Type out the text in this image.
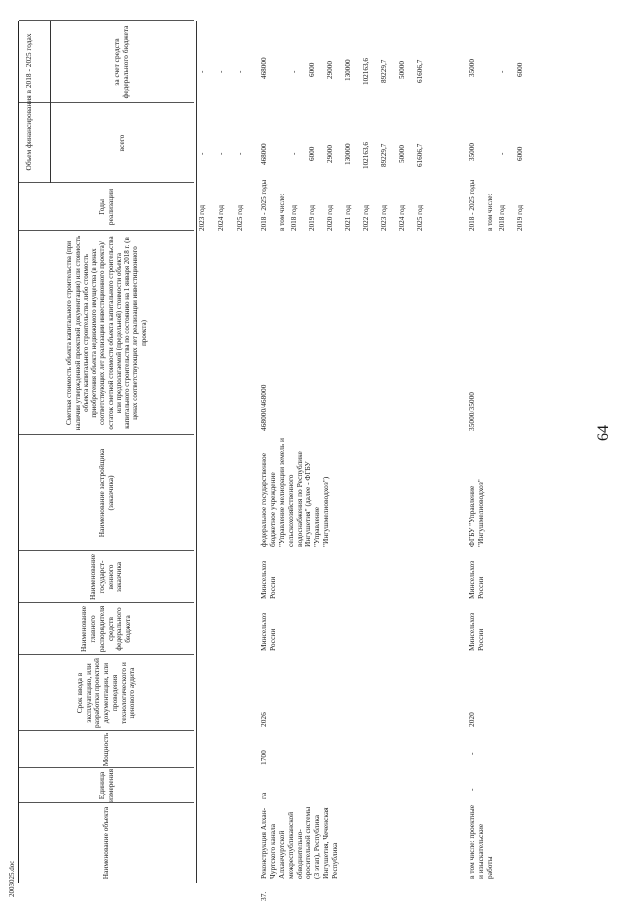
2003025.doc
64
Наименование объекта
Единица измерения
Мощность
Срок ввода в эксплуатацию, или разработки проектной документации, или проведения технологического и ценового аудита
Наименование главного распорядителя средств федерального бюджета
Наименование государст-венного заказчика
Наименование застройщика (заказчика)
Сметная стоимость объекта капитального строительства (при наличии утвержденной проектной документации) или стоимость объекта капитального строительства либо стоимость приобретения объекта недвижимого имущества (в ценах соответствующих лет реализации инвестиционного проекта)/остаток сметной стоимости объекта капитального строительства или предполагаемой (предельной) стоимости объекта капитального строительства по состоянию на 1 января 2018 г. (в ценах соответствующих лет реализации инвестиционного проекта)
Годы реализации
Объем финансирования в 2018 - 2025 годах	всего
за счет средств федерального бюджета
2023 год
-
-
2024 год
-
-
2025 год
-
-
37.
Реконструкция Алхан-Чуртского канала Алханчуртской межреспубликанской обводнительно-оросительной системы (3 этап), Республика Ингушетия, Чеченская Республика
га
1700
2026
Минсельхоз России
Минсельхоз России
федеральное государственное бюджетное учреждение "Управление мелиорации земель и сельскохозяйственного водоснабжения по Республике Ингушетия" (далее - ФГБУ "Управление "Ингушмелиоводхоз")
468000/468000
2018 - 2025 годы
468000
468000
в том числе: 2018 год
-
-
2019 год
6000
6000
2020 год
29000
29000
2021 год
130000
130000
2022 год
102163,6
102163,6
2023 год
89229,7
89229,7
2024 год
50000
50000
2025 год
61606,7
61606,7
в том числе: проектные и изыскательские работы
-
-
2020
Минсельхоз России
Минсельхоз России
ФГБУ "Управление "Ингушмелиоводхоз"
35000/35000
2018 - 2025 годы
35000
35000
в том числе: 2018 год
-
-
2019 год
6000
6000
